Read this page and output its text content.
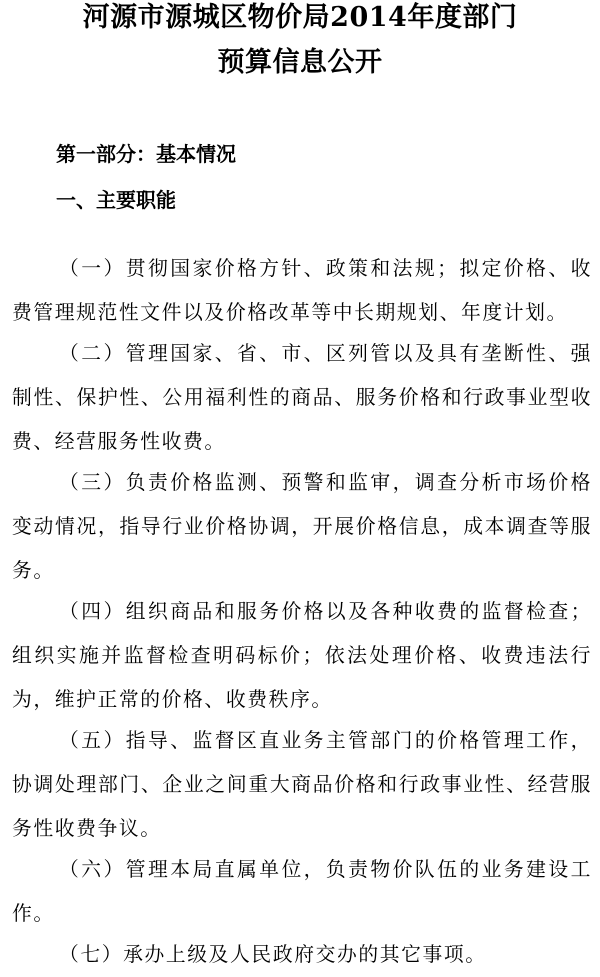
河源市源城区物价局2014年度部门
预算信息公开
第一部分：基本情况
一、主要职能

（一）贯彻国家价格方针、政策和法规；拟定价格、收费管理规范性文件以及价格改革等中长期规划、年度计划。

（二）管理国家、省、市、区列管以及具有垄断性、强制性、保护性、公用福利性的商品、服务价格和行政事业型收费、经营服务性收费。

（三）负责价格监测、预警和监审，调查分析市场价格变动情况，指导行业价格协调，开展价格信息，成本调查等服务。

（四）组织商品和服务价格以及各种收费的监督检查；组织实施并监督检查明码标价；依法处理价格、收费违法行为，维护正常的价格、收费秩序。

（五）指导、监督区直业务主管部门的价格管理工作，协调处理部门、企业之间重大商品价格和行政事业性、经营服务性收费争议。

（六）管理本局直属单位，负责物价队伍的业务建设工作。

（七）承办上级及人民政府交办的其它事项。
